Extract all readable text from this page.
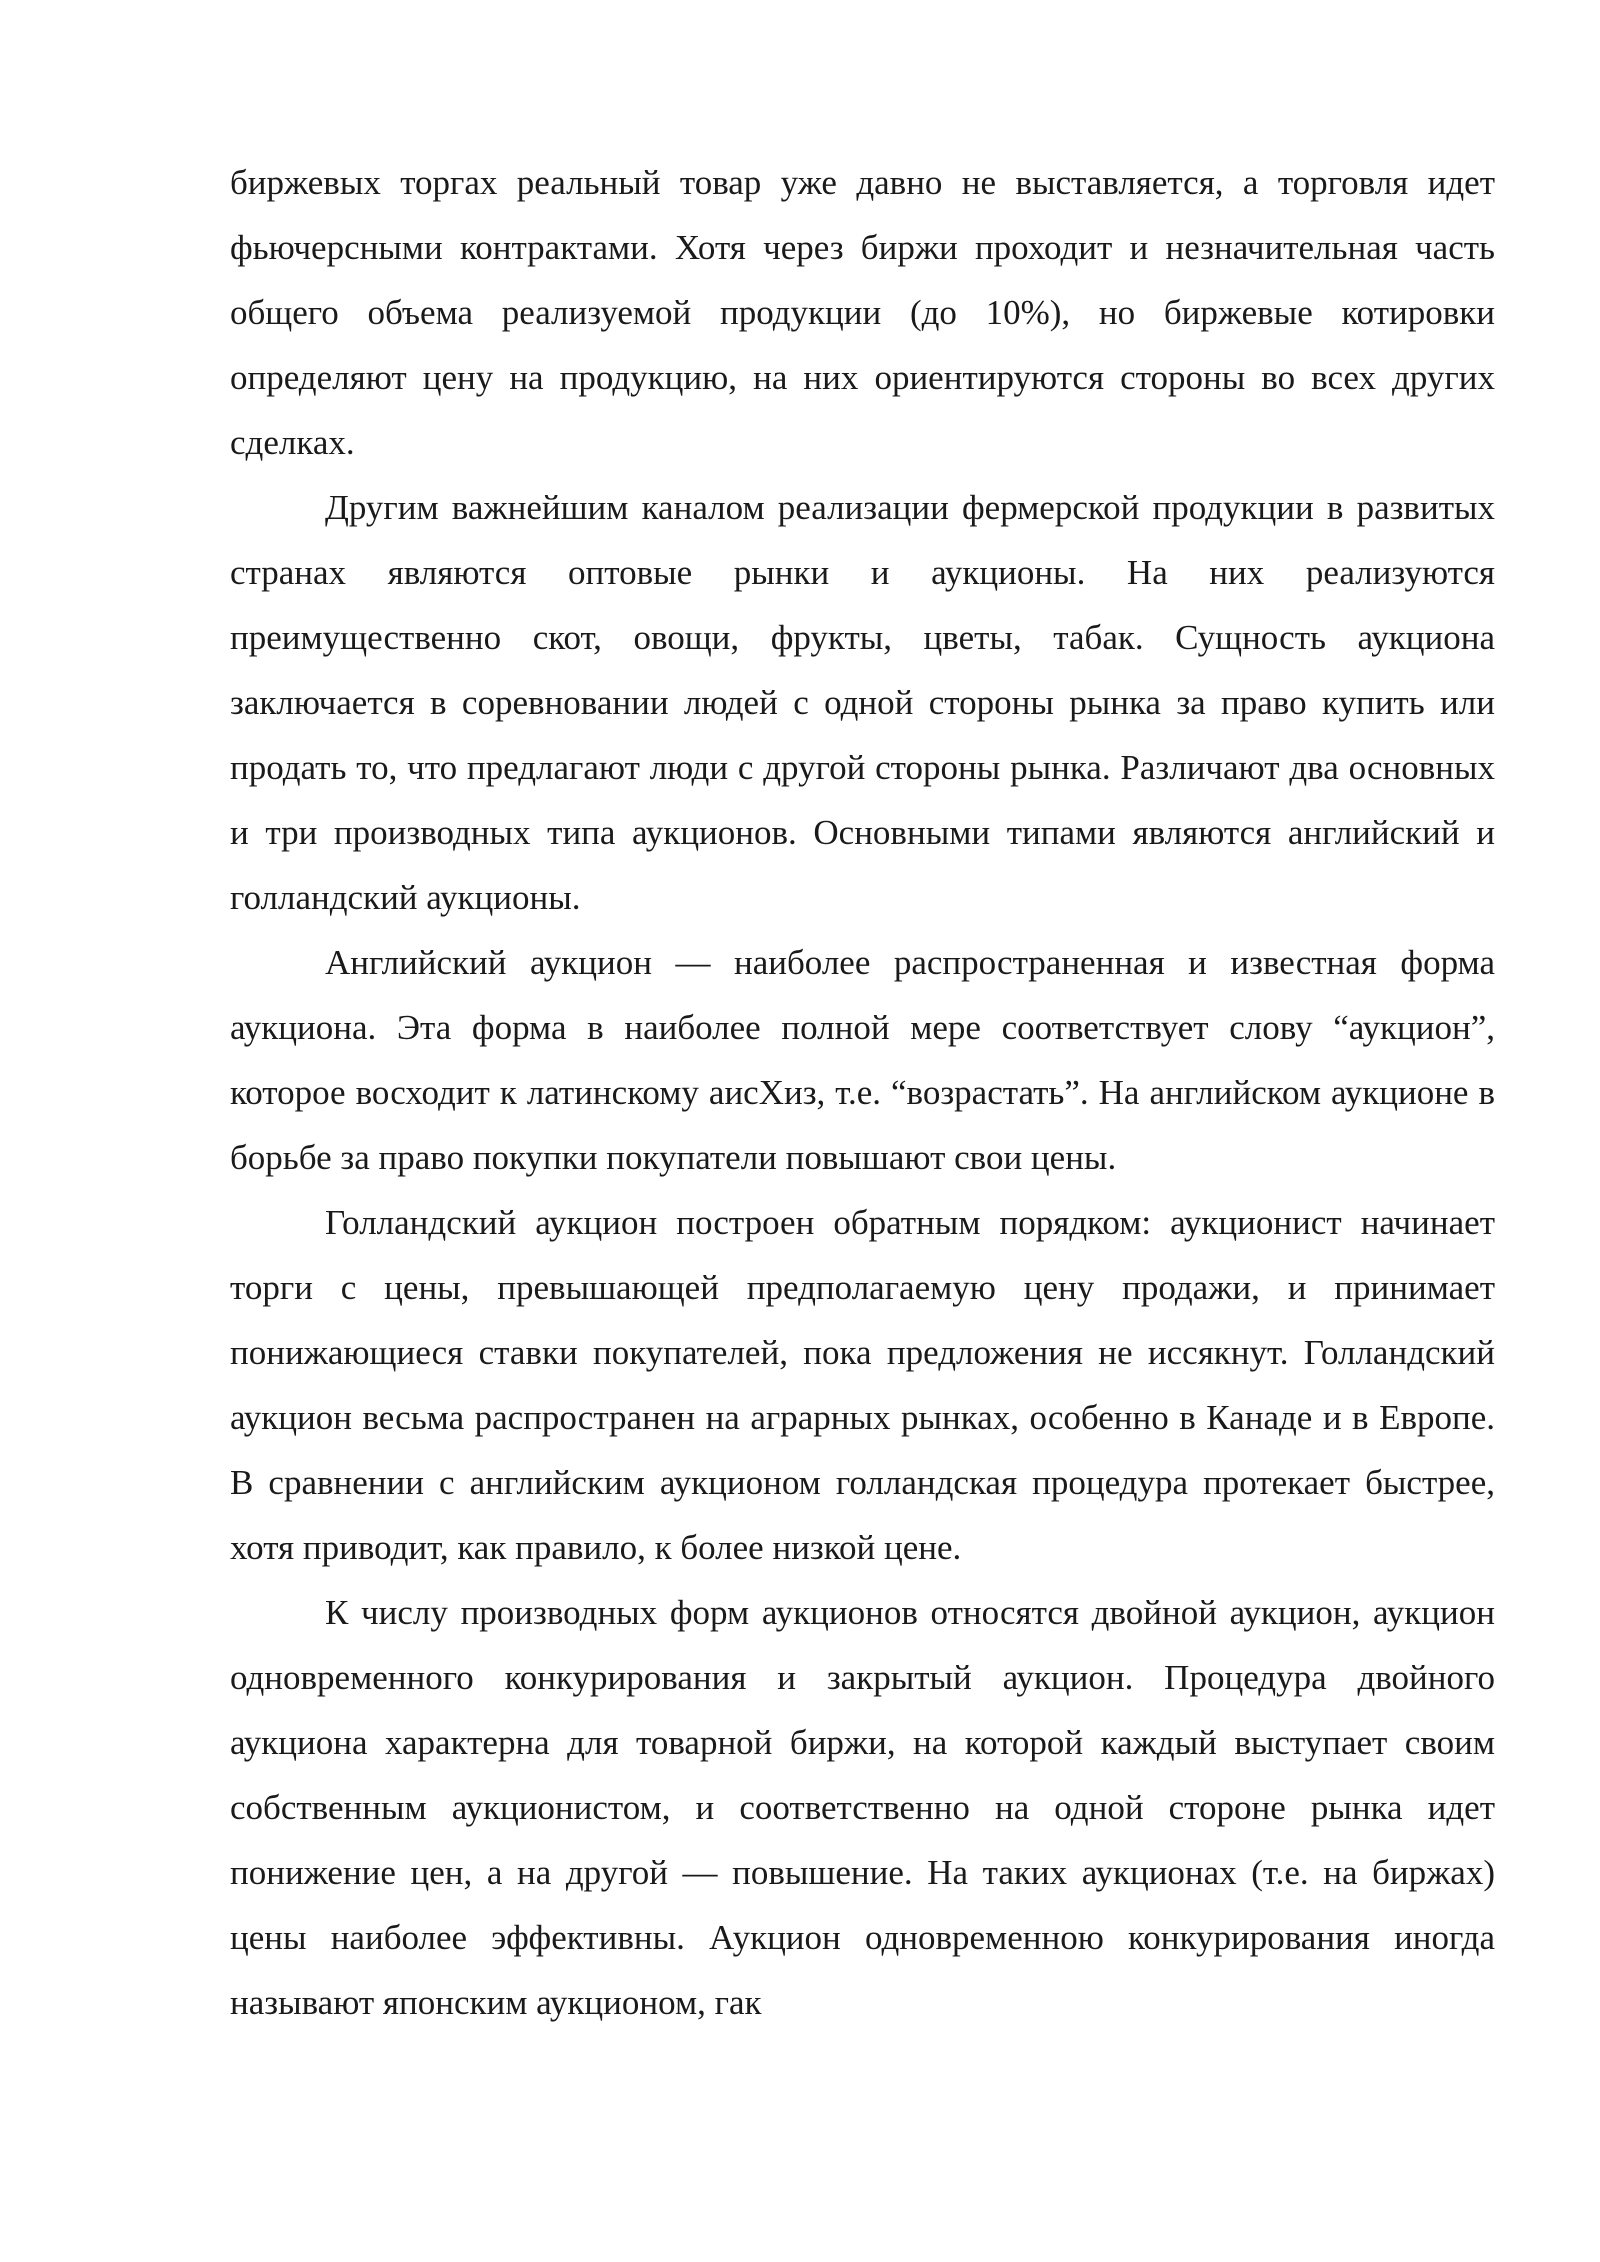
биржевых торгах реальный товар уже давно не выставляется, а торговля идет фьючерсными контрактами. Хотя через биржи проходит и незначительная часть общего объема реализуемой продукции (до 10%), но биржевые котировки определяют цену на продукцию, на них ориентируются стороны во всех других сделках.

Другим важнейшим каналом реализации фермерской продукции в развитых странах являются оптовые рынки и аукционы. На них реализуются преимущественно скот, овощи, фрукты, цветы, табак. Сущность аукциона заключается в соревновании людей с одной стороны рынка за право купить или продать то, что предлагают люди с другой стороны рынка. Различают два основных и три производных типа аукционов. Основными типами являются английский и голландский аукционы.

Английский аукцион — наиболее распространенная и известная форма аукциона. Эта форма в наиболее полной мере соответствует слову “аукцион”, которое восходит к латинскому аисХиз, т.е. “возрастать”. На английском аукционе в борьбе за право покупки покупатели повышают свои цены.

Голландский аукцион построен обратным порядком: аукционист начинает торги с цены, превышающей предполагаемую цену продажи, и принимает понижающиеся ставки покупателей, пока предложения не иссякнут. Голландский аукцион весьма распространен на аграрных рынках, особенно в Канаде и в Европе. В сравнении с английским аукционом голландская процедура протекает быстрее, хотя приводит, как правило, к более низкой цене.

К числу производных форм аукционов относятся двойной аукцион, аукцион одновременного конкурирования и закрытый аукцион. Процедура двойного аукциона характерна для товарной биржи, на которой каждый выступает своим собственным аукционистом, и соответственно на одной стороне рынка идет понижение цен, а на другой — повышение. На таких аукционах (т.е. на биржах) цены наиболее эффективны. Аукцион одновременною конкурирования иногда называют японским аукционом, гак
